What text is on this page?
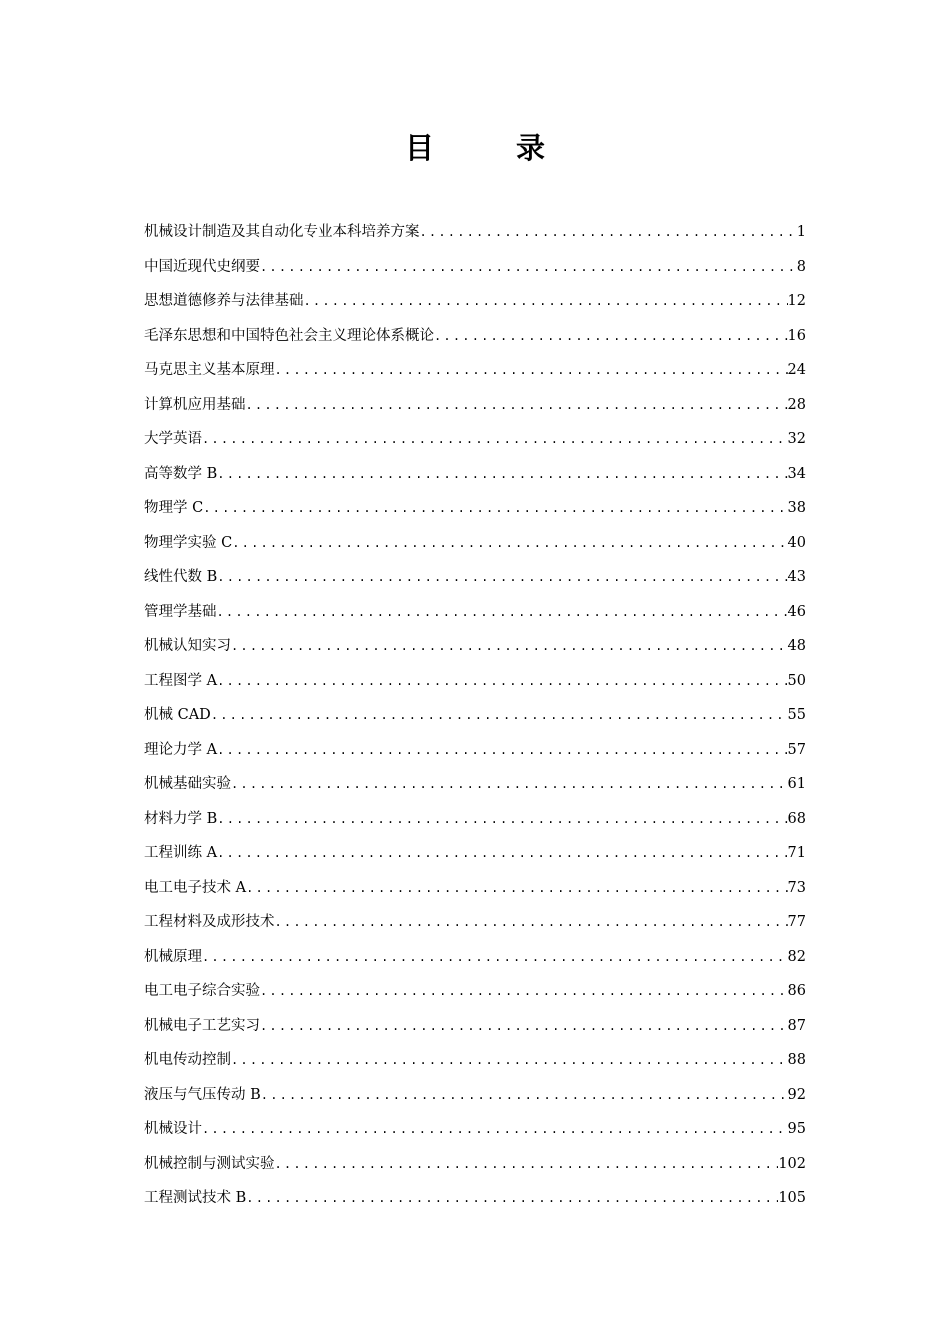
目 录
机械设计制造及其自动化专业本科培养方案 .....	1
中国近现代史纲要 .....	8
思想道德修养与法律基础 .....	12
毛泽东思想和中国特色社会主义理论体系概论 .....	16
马克思主义基本原理 .....	24
计算机应用基础 .....	28
大学英语 .....	32
高等数学 B .....	34
物理学 C .....	38
物理学实验 C .....	40
线性代数 B .....	43
管理学基础 .....	46
机械认知实习 .....	48
工程图学 A .....	50
机械 CAD .....	55
理论力学 A .....	57
机械基础实验 .....	61
材料力学 B .....	68
工程训练 A .....	71
电工电子技术 A .....	73
工程材料及成形技术 .....	77
机械原理 .....	82
电工电子综合实验 .....	86
机械电子工艺实习 .....	87
机电传动控制 .....	88
液压与气压传动 B .....	92
机械设计 .....	95
机械控制与测试实验 .....	102
工程测试技术 B .....	105
